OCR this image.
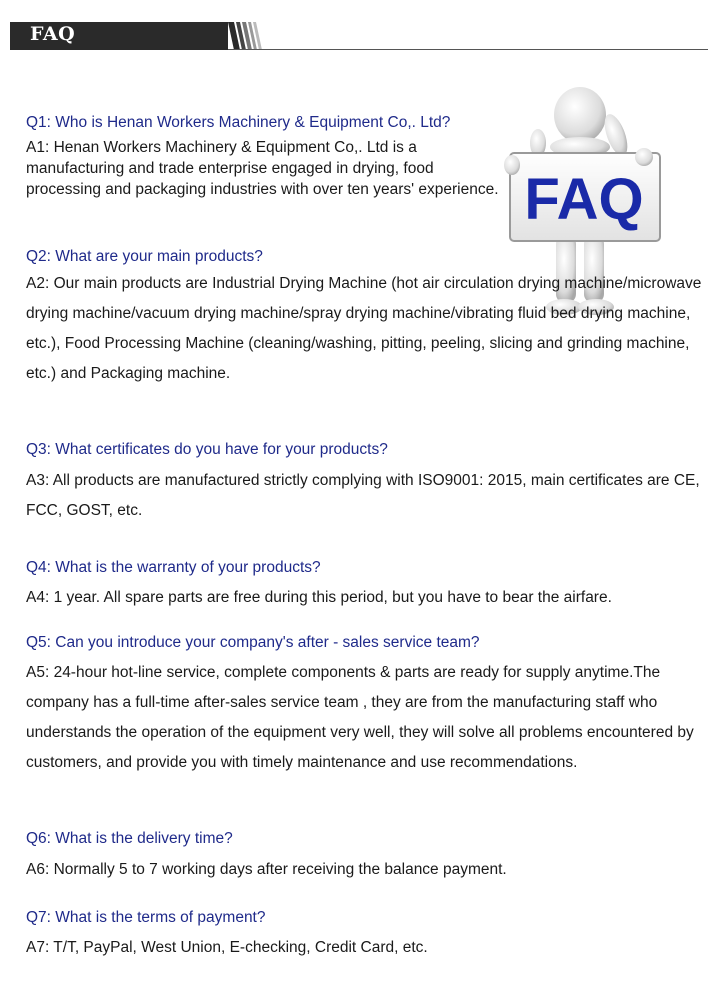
FAQ
FAQ
Q1: Who is Henan Workers Machinery & Equipment Co,. Ltd?
A1: Henan Workers Machinery & Equipment Co,. Ltd is a manufacturing and trade enterprise engaged in drying, food processing and packaging industries with over ten years' experience.
Q2: What are your main products?
A2: Our main products are Industrial Drying Machine (hot air circulation drying machine/microwave drying machine/vacuum drying machine/spray drying machine/vibrating fluid bed drying machine, etc.), Food Processing Machine (cleaning/washing, pitting, peeling, slicing and grinding machine, etc.) and Packaging machine.
Q3: What certificates do you have for your products?
A3: All products are manufactured strictly complying with ISO9001: 2015, main certificates are CE, FCC, GOST, etc.
Q4: What is the warranty of your products?
A4: 1 year. All spare parts are free during this period, but you have to bear the airfare.
Q5: Can you introduce your company's after - sales service team?
A5: 24-hour hot-line service, complete components & parts are ready for supply anytime.The company has a full-time after-sales service team , they are from the manufacturing staff who understands the operation of the equipment very well, they will solve all problems encountered by customers, and provide you with timely maintenance and use recommendations.
Q6: What is the delivery time?
A6: Normally 5 to 7 working days after receiving the balance payment.
Q7: What is the terms of payment?
A7: T/T, PayPal, West Union, E-checking, Credit Card, etc.
